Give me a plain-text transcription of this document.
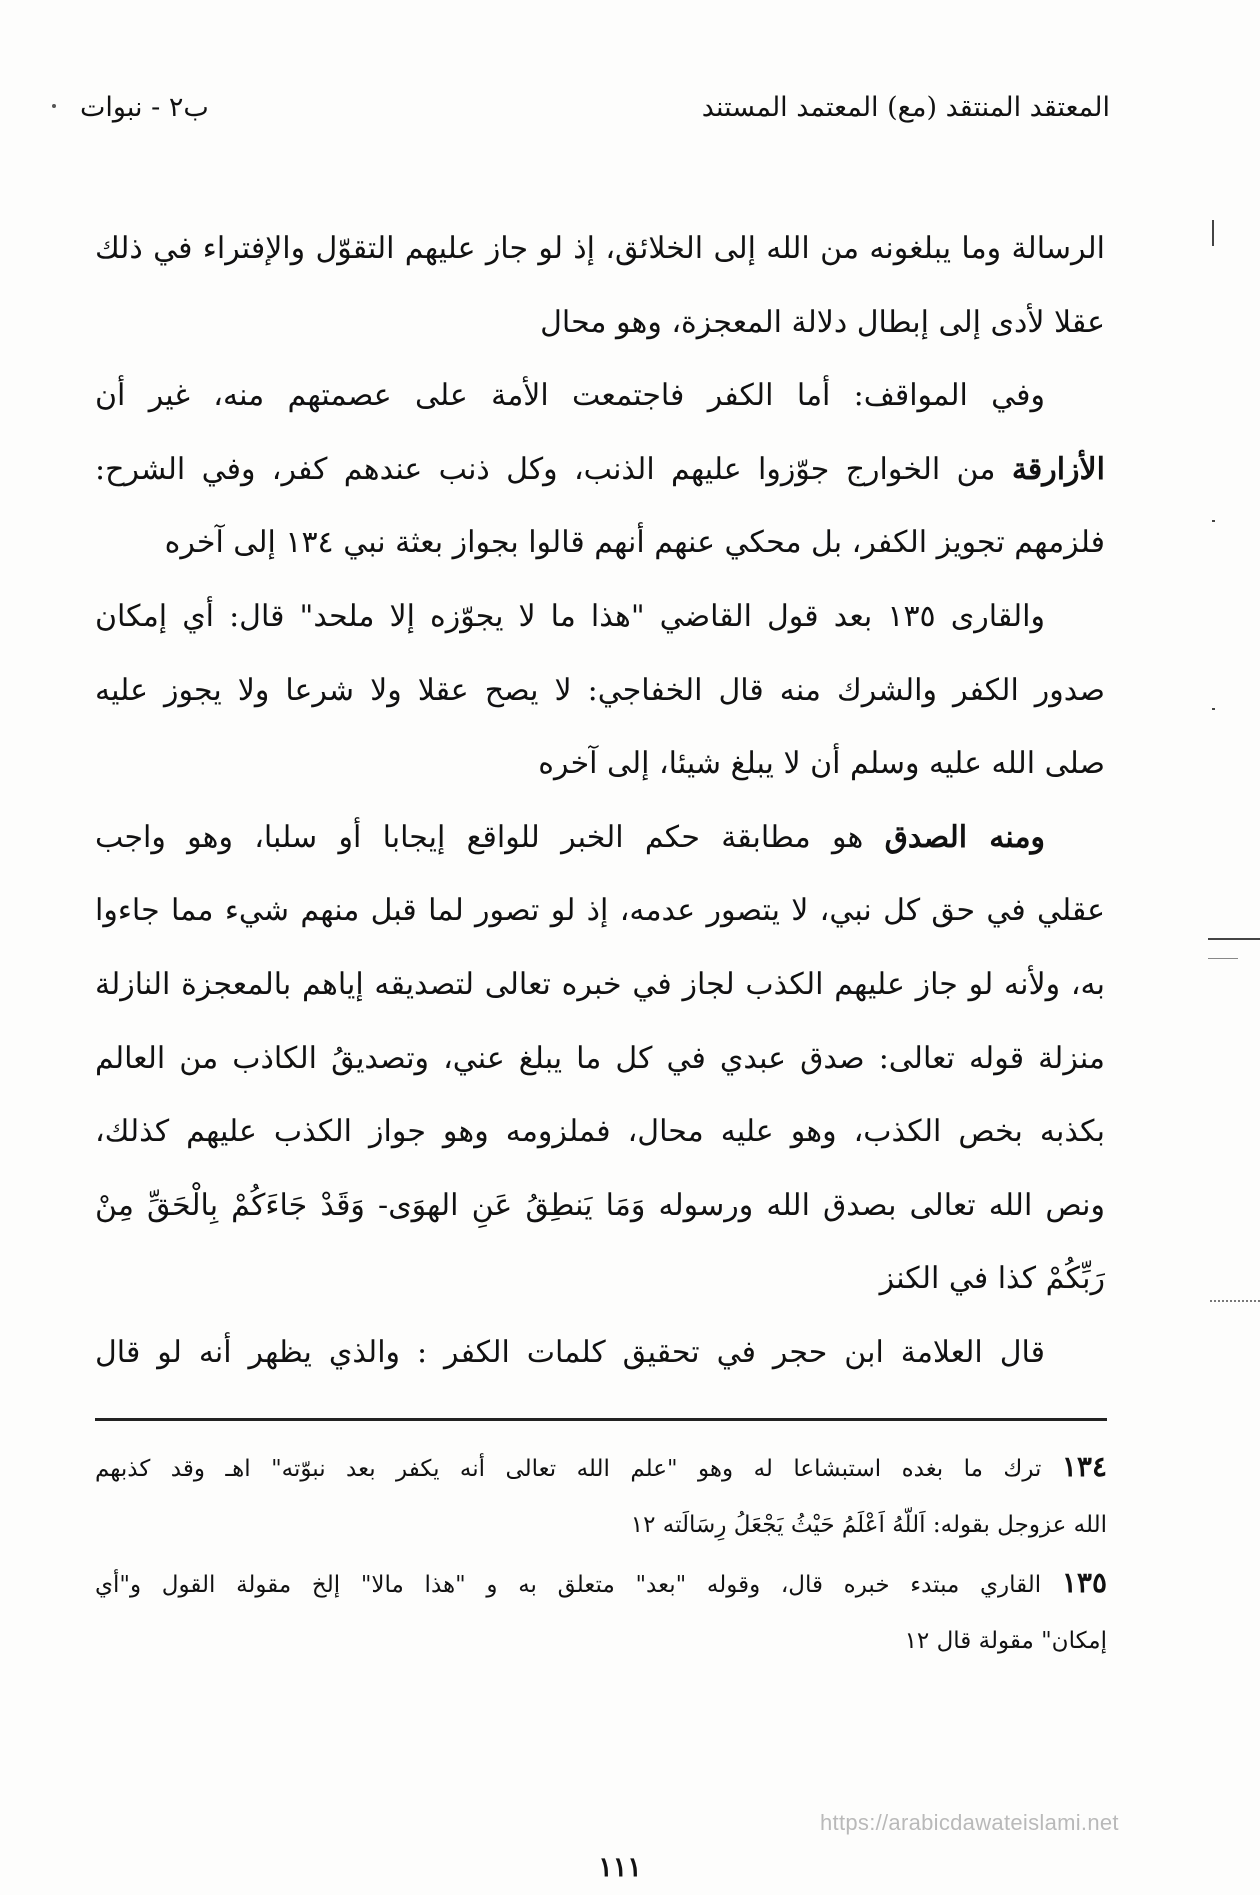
المعتقد المنتقد (مع) المعتمد المستند
ب٢ - نبوات
الرسالة وما يبلغونه من الله إلى الخلائق، إذ لو جاز عليهم التقوّل والإفتراء في ذلك
عقلا لأدى إلى إبطال دلالة المعجزة، وهو محال
وفي المواقف: أما الكفر فاجتمعت الأمة على عصمتهم منه، غير أن
الأزارقة من الخوارج جوّزوا عليهم الذنب، وكل ذنب عندهم كفر، وفي الشرح:
فلزمهم تجويز الكفر، بل محكي عنهم أنهم قالوا بجواز بعثة نبي ١٣٤ إلى آخره
والقارى ١٣٥ بعد قول القاضي "هذا ما لا يجوّزه إلا ملحد" قال: أي إمكان
صدور الكفر والشرك منه قال الخفاجي: لا يصح عقلا ولا شرعا ولا يجوز عليه
صلى الله عليه وسلم أن لا يبلغ شيئا، إلى آخره
ومنه الصدق هو مطابقة حكم الخبر للواقع إيجابا أو سلبا، وهو واجب
عقلي في حق كل نبي، لا يتصور عدمه، إذ لو تصور لما قبل منهم شيء مما جاءوا
به، ولأنه لو جاز عليهم الكذب لجاز في خبره تعالى لتصديقه إياهم بالمعجزة النازلة
منزلة قوله تعالى: صدق عبدي في كل ما يبلغ عني، وتصديقُ الكاذب من العالم
بكذبه بخص الكذب، وهو عليه محال، فملزومه وهو جواز الكذب عليهم كذلك،
ونص الله تعالى بصدق الله ورسوله وَمَا يَنطِقُ عَنِ الهوَى- وَقَدْ جَاءَكُمْ بِالْحَقِّ مِنْ
رَبِّكُمْ كذا في الكنز
قال العلامة ابن حجر في تحقيق كلمات الكفر : والذي يظهر أنه لو قال
١٣٤ ترك ما بغده استبشاعا له وهو "علم الله تعالى أنه يكفر بعد نبوّته" اهـ وقد كذبهم
الله عزوجل بقوله: اَللّهُ اَعْلَمُ حَيْثُ يَجْعَلُ رِسَالَته ١٢
١٣٥ القاري مبتدء خبره قال، وقوله "بعد" متعلق به و "هذا مالا" إلخ مقولة القول و"أي
إمكان" مقولة قال ١٢
https://arabicdawateislami.net
١١١
